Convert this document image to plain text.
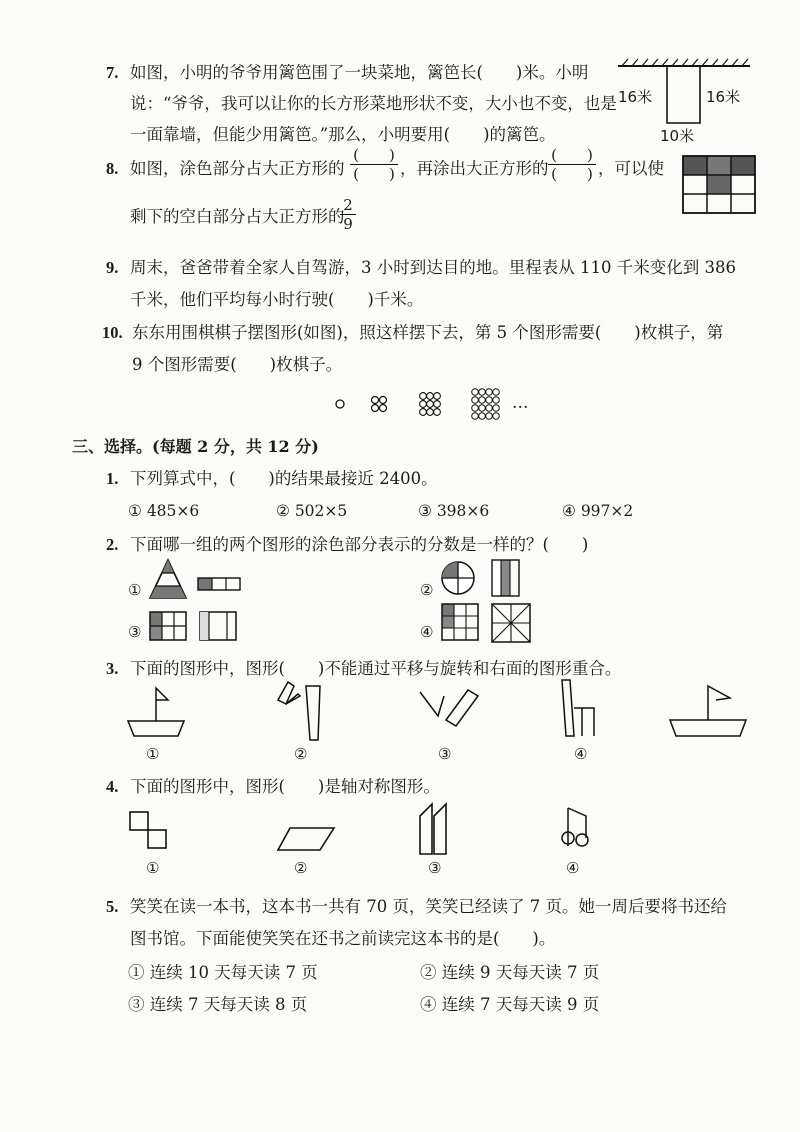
7. 如图，小明的爷爷用篱笆围了一块菜地，篱笆长(　　)米。小明
说：“爷爷，我可以让你的长方形菜地形状不变，大小也不变，也是
一面靠墙，但能少用篱笆。”那么，小明要用(　　)的篱笆。
16米	16米
10米
8. 如图，涂色部分占大正方形的
(　　)
(　　) ，再涂出大正方形的
(　　)
(　　) ，可以使
剩下的空白部分占大正方形的
2
9
9. 周末，爸爸带着全家人自驾游，3 小时到达目的地。里程表从 110 千米变化到 386
千米，他们平均每小时行驶(　　)千米。
10. 东东用围棋棋子摆图形(如图)，照这样摆下去，第 5 个图形需要(　　)枚棋子，第
9 个图形需要(　　)枚棋子。
…
三、选择。(每题 2 分，共 12 分)
1. 下列算式中，(　　)的结果最接近 2400。
① 485×6	② 502×5	③ 398×6	④ 997×2
2. 下面哪一组的两个图形的涂色部分表示的分数是一样的？(　　)
①	②
③	④
3. 下面的图形中，图形(　　)不能通过平移与旋转和右面的图形重合。
①	②	③	④
4. 下面的图形中，图形(　　)是轴对称图形。
①	②	③	④
5. 笑笑在读一本书，这本书一共有 70 页，笑笑已经读了 7 页。她一周后要将书还给
图书馆。下面能使笑笑在还书之前读完这本书的是(　　)。
① 连续 10 天每天读 7 页	② 连续 9 天每天读 7 页
③ 连续 7 天每天读 8 页	④ 连续 7 天每天读 9 页
